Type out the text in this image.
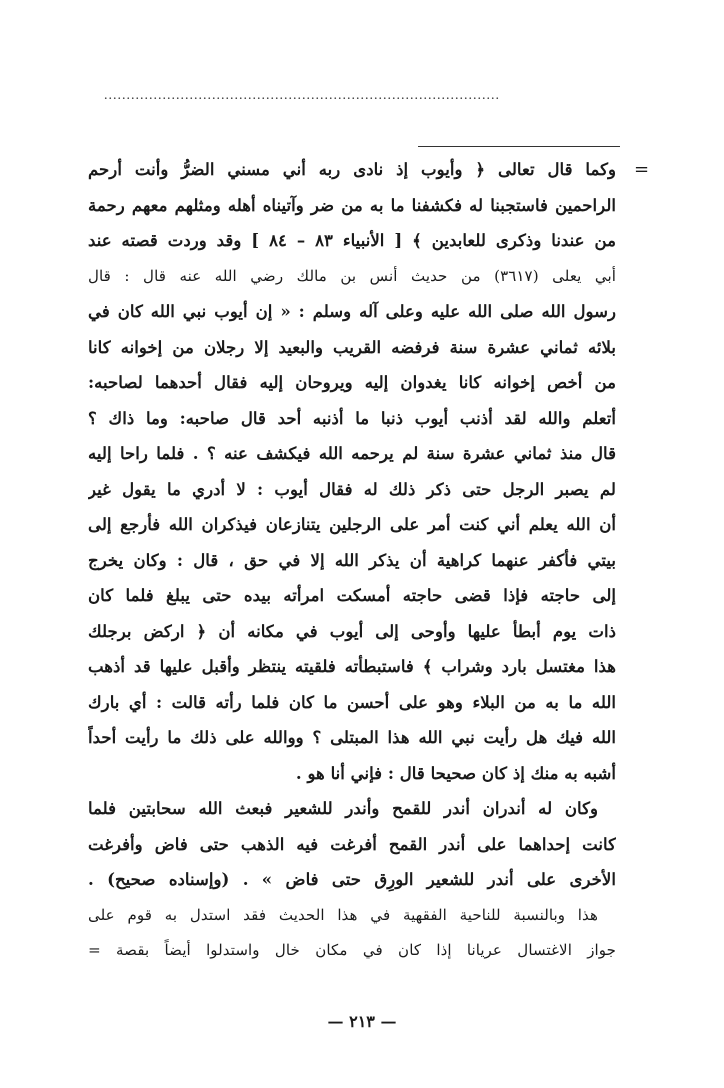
........................................................................................
=
وكما قال تعالى ﴿ وأيوب إذ نادى ربه أني مسني الضرُّ وأنت أرحم
الراحمين فاستجبنا له فكشفنا ما به من ضر وآتيناه أهله ومثلهم معهم رحمة
من عندنا وذكرى للعابدين ﴾ [ الأنبياء ٨٣ – ٨٤ ] وقد وردت قصته عند
أبي يعلى (٣٦١٧) من حديث أنس بن مالك رضي الله عنه قال : قال
رسول الله صلى الله عليه وعلى آله وسلم : « إن أيوب نبي الله كان في
بلائه ثماني عشرة سنة فرفضه القريب والبعيد إلا رجلان من إخوانه كانا
من أخص إخوانه كانا يغدوان إليه ويروحان إليه فقال أحدهما لصاحبه:
أتعلم والله لقد أذنب أيوب ذنبا ما أذنبه أحد قال صاحبه: وما ذاك ؟
قال منذ ثماني عشرة سنة لم يرحمه الله فيكشف عنه ؟ . فلما راحا إليه
لم يصبر الرجل حتى ذكر ذلك له فقال أيوب : لا أدري ما يقول غير
أن الله يعلم أني كنت أمر على الرجلين يتنازعان فيذكران الله فأرجع إلى
بيتي فأكفر عنهما كراهية أن يذكر الله إلا في حق ، قال : وكان يخرج
إلى حاجته فإذا قضى حاجته أمسكت امرأته بيده حتى يبلغ فلما كان
ذات يوم أبطأ عليها وأوحى إلى أيوب في مكانه أن ﴿ اركض برجلك
هذا مغتسل بارد وشراب ﴾ فاستبطأته فلقيته ينتظر وأقبل عليها قد أذهب
الله ما به من البلاء وهو على أحسن ما كان فلما رأته قالت : أي بارك
الله فيك هل رأيت نبي الله هذا المبتلى ؟ ووالله على ذلك ما رأيت أحداً
أشبه به منك إذ كان صحيحا قال : فإني أنا هو .
وكان له أندران أندر للقمح وأندر للشعير فبعث الله سحابتين فلما
كانت إحداهما على أندر القمح أفرغت فيه الذهب حتى فاض وأفرغت
الأخرى على أندر للشعير الورِق حتى فاض » . (وإسناده صحيح) .
هذا وبالنسبة للناحية الفقهية في هذا الحديث فقد استدل به قوم على
جواز الاغتسال عريانا إذا كان في مكان خال واستدلوا أيضاً بقصة =
— ٢١٣ —
